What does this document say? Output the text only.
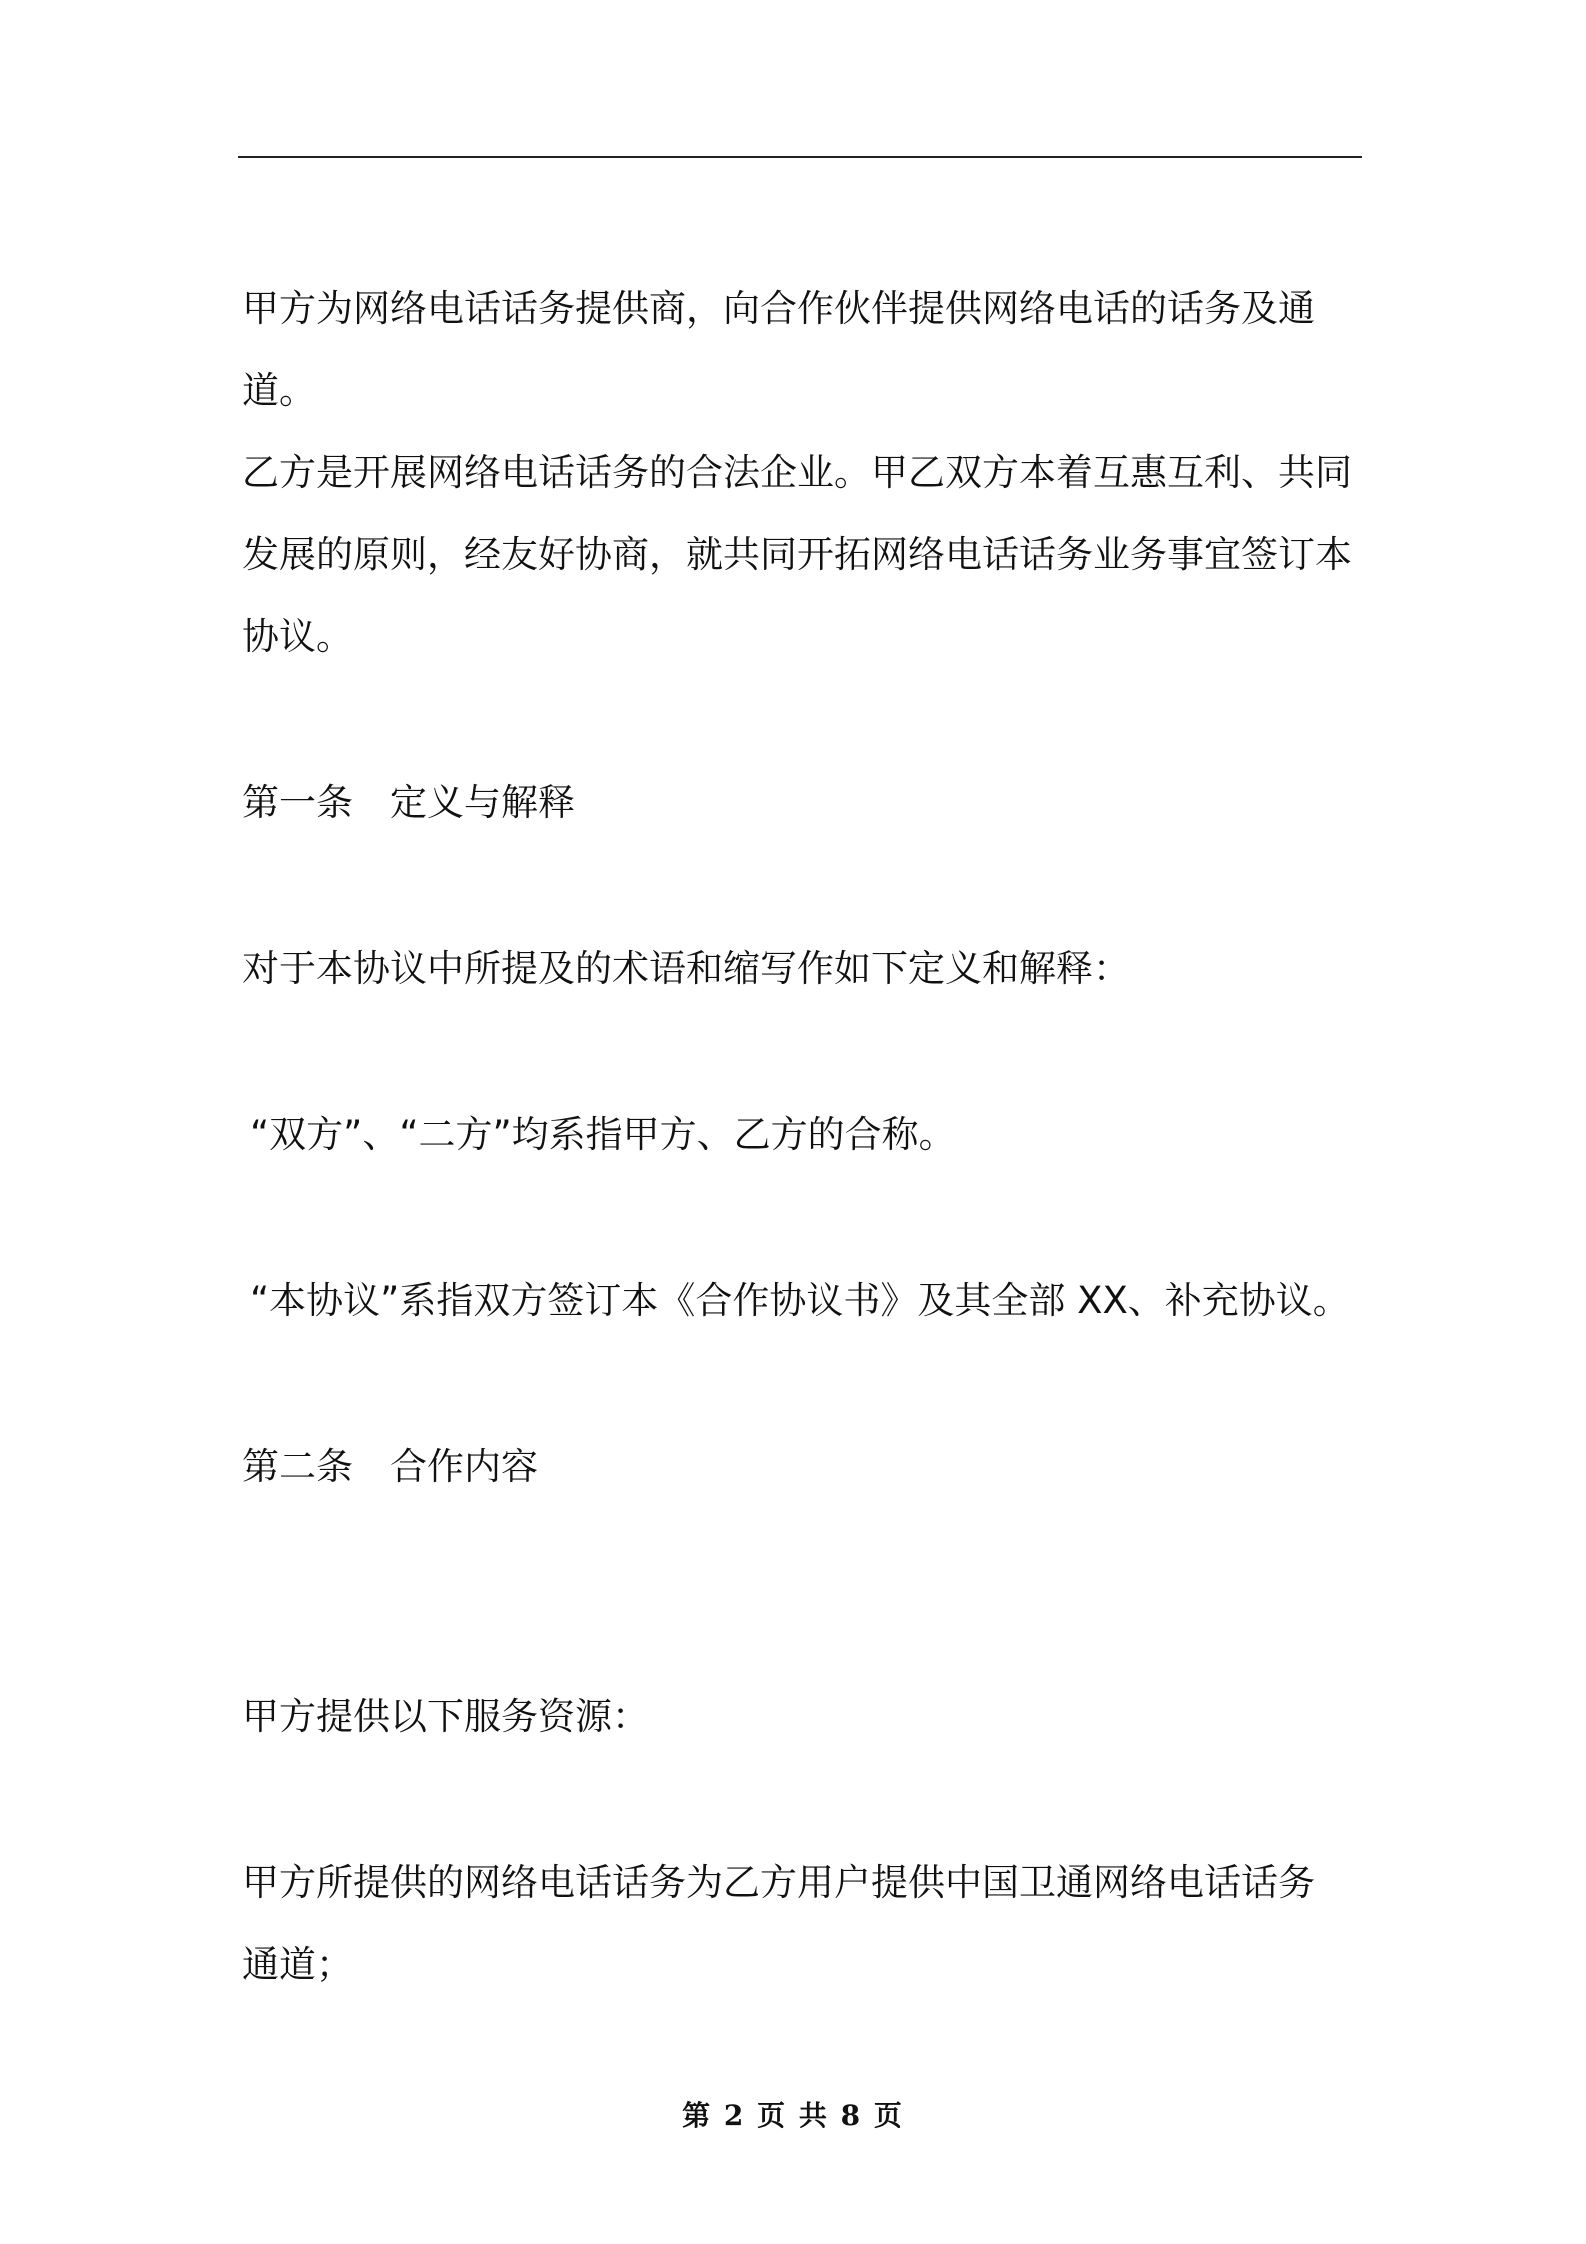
甲方为网络电话话务提供商，向合作伙伴提供网络电话的话务及通道。

乙方是开展网络电话话务的合法企业。甲乙双方本着互惠互利、共同

发展的原则，经友好协商，就共同开拓网络电话话务业务事宜签订本

协议。

第一条　定义与解释

对于本协议中所提及的术语和缩写作如下定义和解释：

“双方”、“二方”均系指甲方、乙方的合称。

“本协议”系指双方签订本《合作协议书》及其全部 XX、补充协议。

第二条　合作内容

甲方提供以下服务资源：

甲方所提供的网络电话话务为乙方用户提供中国卫通网络电话话务

通道；

第 2 页 共 8 页
